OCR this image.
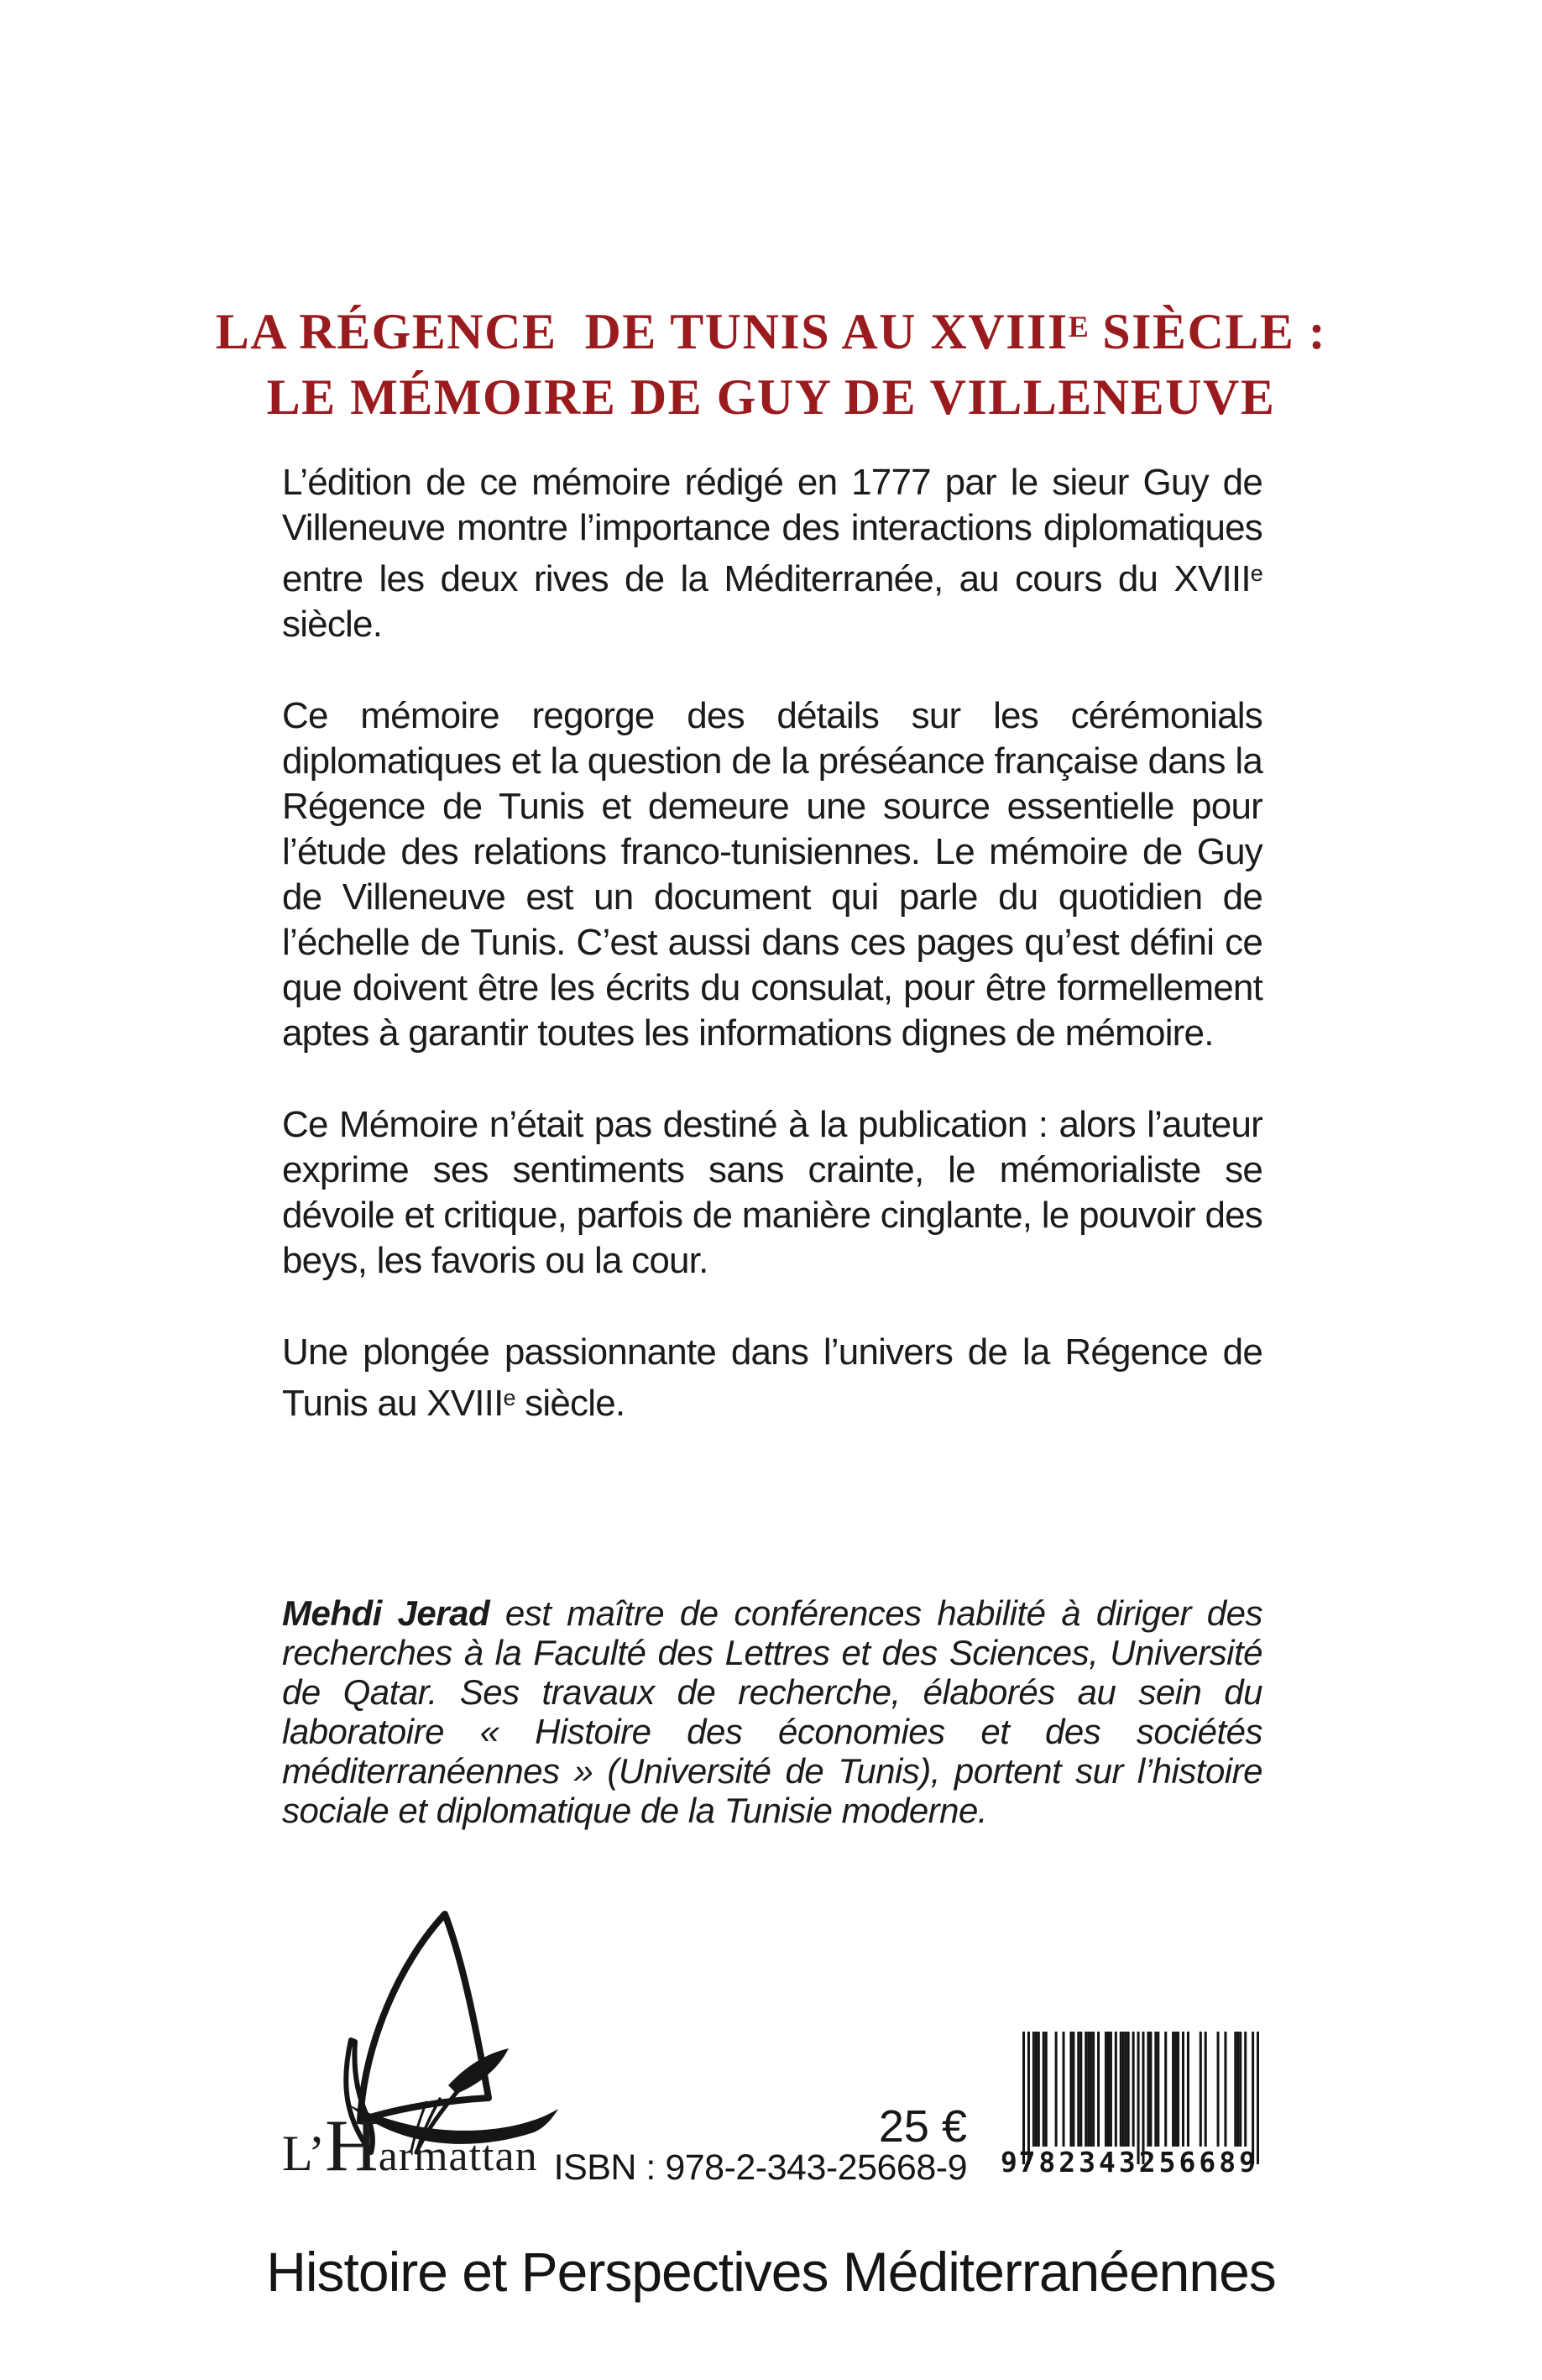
LA RÉGENCE  DE TUNIS AU $XVIII^E$ SIÈCLE :
LE MÉMOIRE DE GUY DE VILLENEUVE

L’édition de ce mémoire rédigé en 1777 par le sieur Guy de Villeneuve montre l’importance des interactions diplomatiques entre les deux rives de la Méditerranée, au cours du XVIIIe siècle.

Ce mémoire regorge des détails sur les cérémonials diplomatiques et la question de la préséance française dans la Régence de Tunis et demeure une source essentielle pour l’étude des relations franco-tunisiennes. Le mémoire de Guy de Villeneuve est un document qui parle du quotidien de l’échelle de Tunis. C’est aussi dans ces pages qu’est défini ce que doivent être les écrits du consulat, pour être formellement aptes à garantir toutes les informations dignes de mémoire.

Ce Mémoire n’était pas destiné à la publication : alors l’auteur exprime ses sentiments sans crainte, le mémorialiste se dévoile et critique, parfois de manière cinglante, le pouvoir des beys, les favoris ou la cour.

Une plongée passionnante dans l’univers de la Régence de Tunis au XVIIIe siècle.

Mehdi Jerad est maître de conférences habilité à diriger des recherches à la Faculté des Lettres et des Sciences, Université de Qatar. Ses travaux de recherche, élaborés au sein du laboratoire « Histoire des économies et des sociétés méditerranéennes » (Université de Tunis), portent sur l’histoire sociale et diplomatique de la Tunisie moderne.
L’Harmattan
25 €
ISBN : 978-2-343-25668-9 9 782343 256689
Histoire et Perspectives Méditerranéennes
